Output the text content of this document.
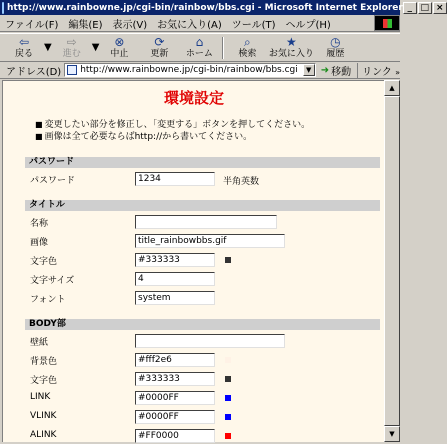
http://www.rainbowne.jp/cgi-bin/rainbow/bbs.cgi - Microsoft Internet Explorer _ □ ×
ファイル(F)	編集(E)	表示(V)	お気に入り(A)	ツール(T)	ヘルプ(H)
⇦
戻る
▼ ⇨
進む
▼ ⊗
中止
⟳
更新
⌂
ホーム
⌕
検索
★
お気に入り
◷
履歴
アドレス(D)	http://www.rainbowne.jp/cgi-bin/rainbow/bbs.cgi	▼ ➜ 移動	リンク »
環境設定
■ 変更したい部分を修正し、「変更する」ボタンを押してください。
■ 画像は全て必要ならばhttp://から書いてください。
パスワード
パスワード	1234	半角英数
タイトル
名称
画像	title_rainbowbbs.gif
文字色	#333333
文字サイズ	4
フォント	system
BODY部
壁紙
背景色	#fff2e6
文字色	#333333
LINK	#0000FF
VLINK	#0000FF
ALINK	#FF0000
▲
▼
